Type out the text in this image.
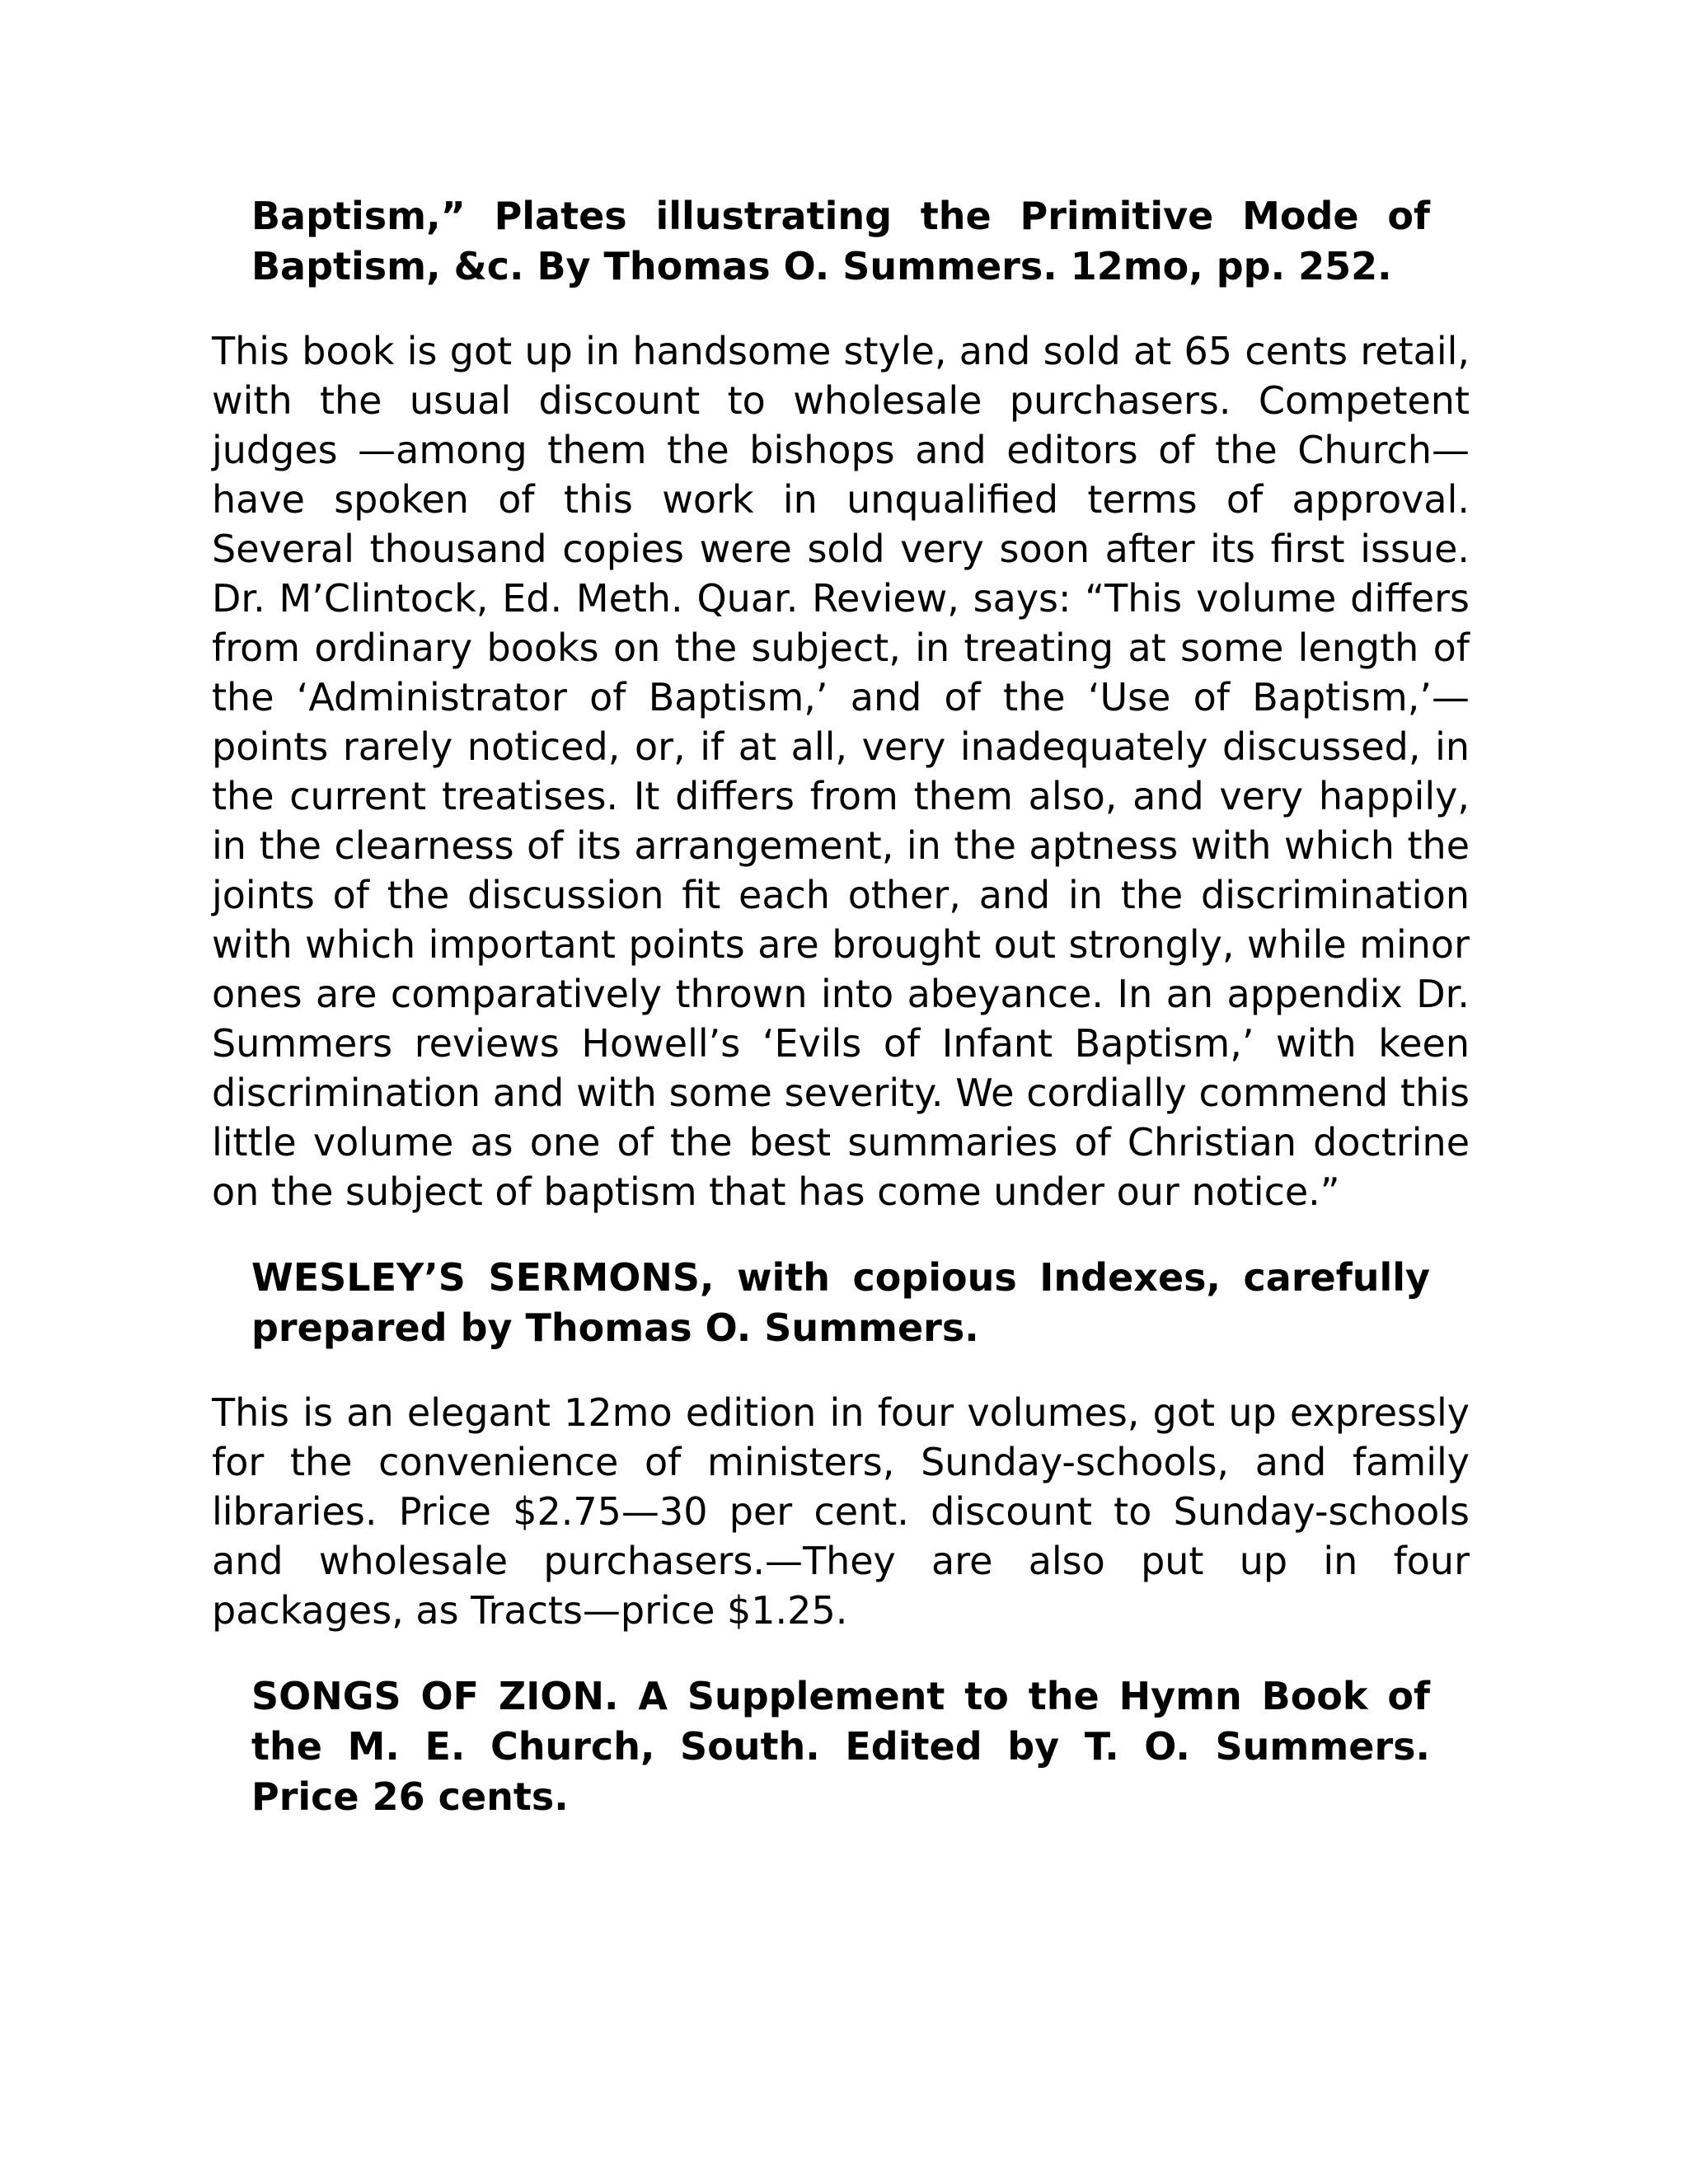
Baptism,” Plates illustrating the Primitive Mode of Baptism, &c. By Thomas O. Summers. 12mo, pp. 252.

This book is got up in handsome style, and sold at 65 cents retail, with the usual discount to wholesale purchasers. Competent judges —among them the bishops and editors of the Church—have spoken of this work in unqualified terms of approval. Several thousand copies were sold very soon after its first issue. Dr. M’Clintock, Ed. Meth. Quar. Review, says: “This volume differs from ordinary books on the subject, in treating at some length of the ‘Administrator of Baptism,’ and of the ‘Use of Baptism,’—points rarely noticed, or, if at all, very inadequately discussed, in the current treatises. It differs from them also, and very happily, in the clearness of its arrangement, in the aptness with which the joints of the discussion fit each other, and in the discrimination with which important points are brought out strongly, while minor ones are comparatively thrown into abeyance. In an appendix Dr. Summers reviews Howell’s ‘Evils of Infant Baptism,’ with keen discrimination and with some severity. We cordially commend this little volume as one of the best summaries of Christian doctrine on the subject of baptism that has come under our notice.”

WESLEY’S SERMONS, with copious Indexes, carefully prepared by Thomas O. Summers.

This is an elegant 12mo edition in four volumes, got up expressly for the convenience of ministers, Sunday-schools, and family libraries. Price $2.75—30 per cent. discount to Sunday-schools and wholesale purchasers.—They are also put up in four packages, as Tracts—price $1.25.

SONGS OF ZION. A Supplement to the Hymn Book of the M. E. Church, South. Edited by T. O. Summers. Price 26 cents.
